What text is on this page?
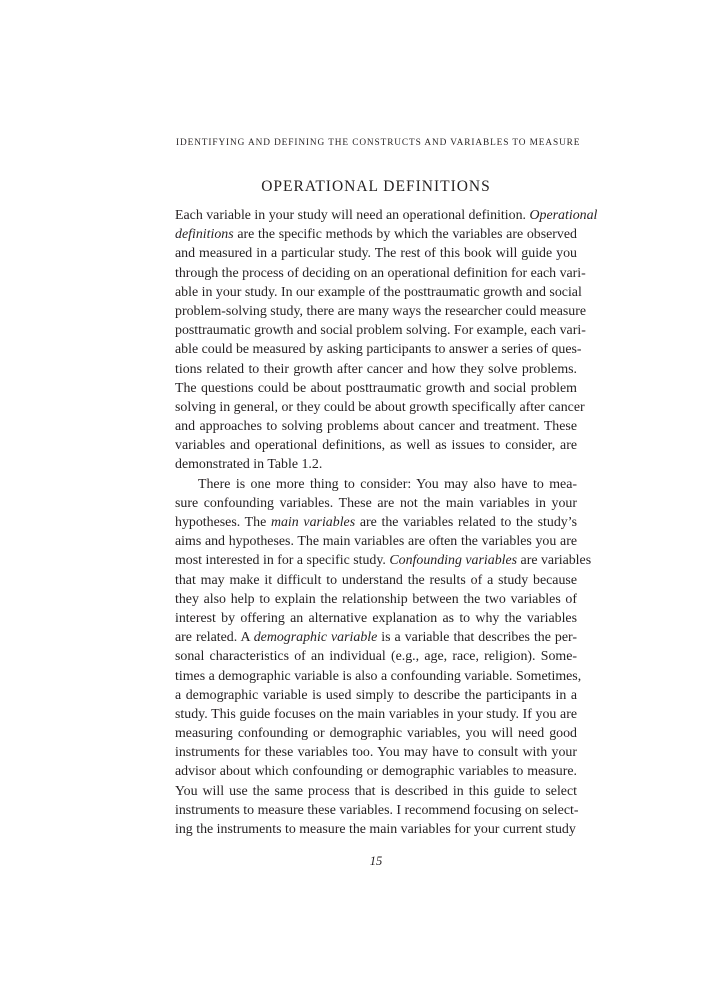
IDENTIFYING AND DEFINING THE CONSTRUCTS AND VARIABLES TO MEASURE
OPERATIONAL DEFINITIONS
Each variable in your study will need an operational definition. Operational
definitions are the specific methods by which the variables are observed
and measured in a particular study. The rest of this book will guide you
through the process of deciding on an operational definition for each vari-
able in your study. In our example of the posttraumatic growth and social
problem-solving study, there are many ways the researcher could measure
posttraumatic growth and social problem solving. For example, each vari-
able could be measured by asking participants to answer a series of ques-
tions related to their growth after cancer and how they solve problems.
The questions could be about posttraumatic growth and social problem
solving in general, or they could be about growth specifically after cancer
and approaches to solving problems about cancer and treatment. These
variables and operational definitions, as well as issues to consider, are
demonstrated in Table 1.2.
There is one more thing to consider: You may also have to mea-
sure confounding variables. These are not the main variables in your
hypotheses. The main variables are the variables related to the study’s
aims and hypotheses. The main variables are often the variables you are
most interested in for a specific study. Confounding variables are variables
that may make it difficult to understand the results of a study because
they also help to explain the relationship between the two variables of
interest by offering an alternative explanation as to why the variables
are related. A demographic variable is a variable that describes the per-
sonal characteristics of an individual (e.g., age, race, religion). Some-
times a demographic variable is also a confounding variable. Sometimes,
a demographic variable is used simply to describe the participants in a
study. This guide focuses on the main variables in your study. If you are
measuring confounding or demographic variables, you will need good
instruments for these variables too. You may have to consult with your
advisor about which confounding or demographic variables to measure.
You will use the same process that is described in this guide to select
instruments to measure these variables. I recommend focusing on select-
ing the instruments to measure the main variables for your current study
15
